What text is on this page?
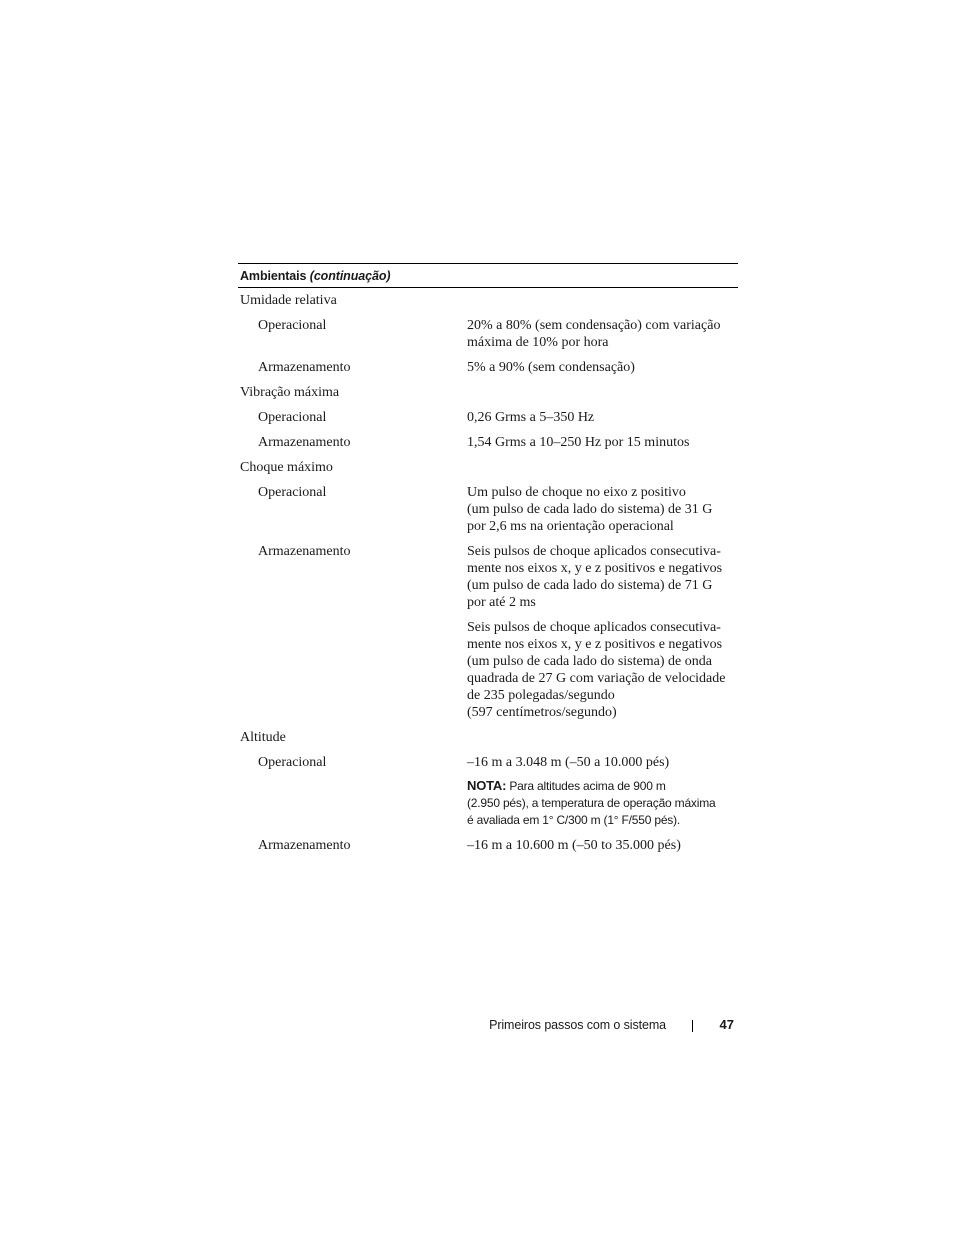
Ambientais (continuação)
Umidade relativa
Operacional	20% a 80% (sem condensação) com variação máxima de 10% por hora

Armazenamento	5% a 90% (sem condensação)

Vibração máxima
Operacional	0,26 Grms a 5–350 Hz

Armazenamento	1,54 Grms a 10–250 Hz por 15 minutos

Choque máximo
Operacional	Um pulso de choque no eixo z positivo
(um pulso de cada lado do sistema) de 31 G
por 2,6 ms na orientação operacional

Armazenamento	Seis pulsos de choque aplicados consecutiva-
mente nos eixos x, y e z positivos e negativos
(um pulso de cada lado do sistema) de 71 G
por até 2 ms

Seis pulsos de choque aplicados consecutiva-
mente nos eixos x, y e z positivos e negativos
(um pulso de cada lado do sistema) de onda
quadrada de 27 G com variação de velocidade
de 235 polegadas/segundo
(597 centímetros/segundo)

Altitude
Operacional	–16 m a 3.048 m (–50 a 10.000 pés)

NOTA: Para altitudes acima de 900 m
(2.950 pés), a temperatura de operação máxima
é avaliada em 1° C/300 m (1° F/550 pés).

Armazenamento	–16 m a 10.600 m (–50 to 35.000 pés)

Primeiros passos com o sistema	47
